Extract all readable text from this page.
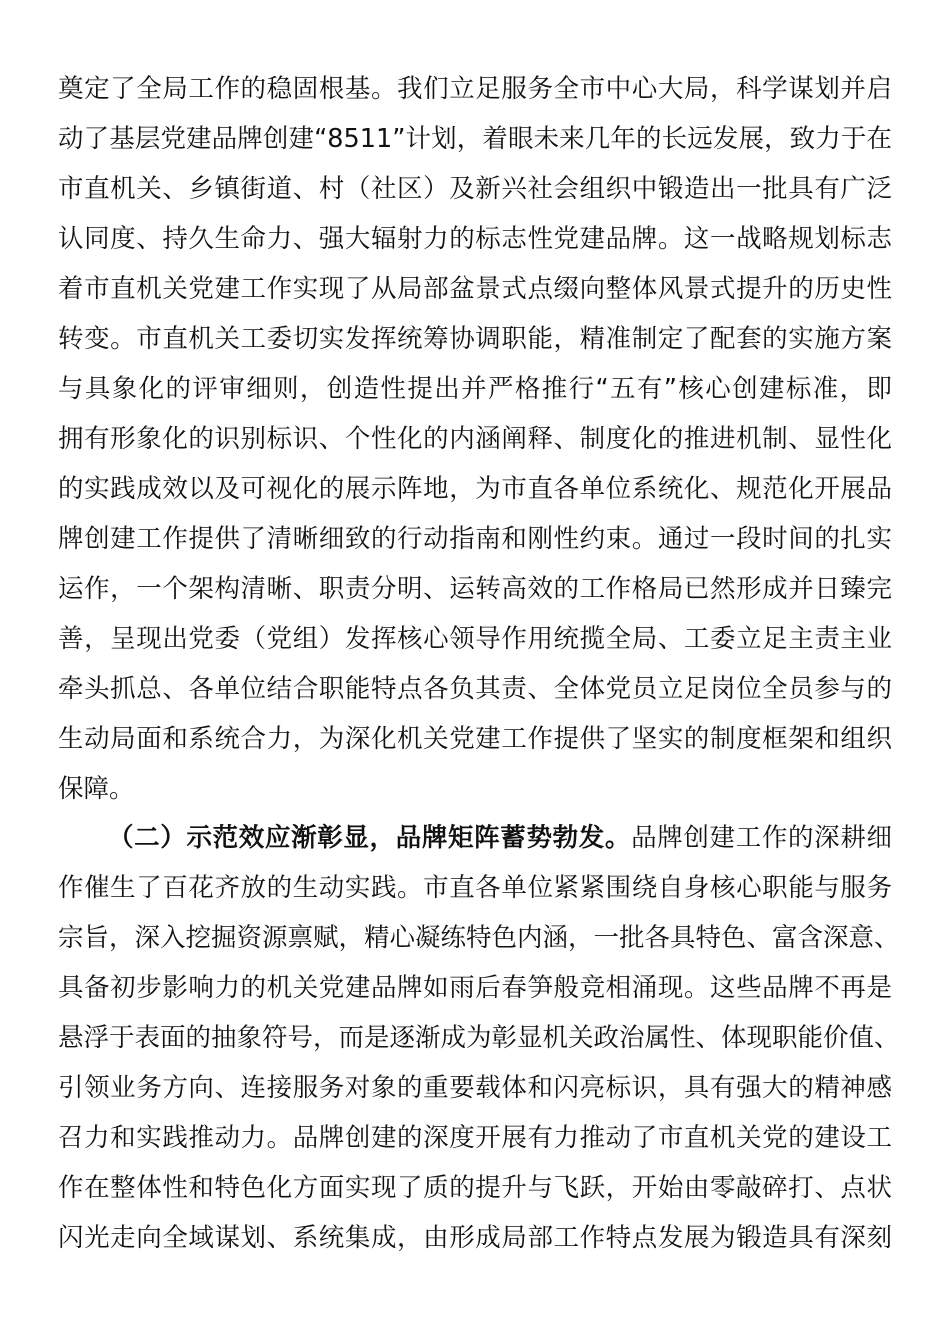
奠定了全局工作的稳固根基。我们立足服务全市中心大局，科学谋划并启
动了基层党建品牌创建“8511”计划，着眼未来几年的长远发展，致力于在
市直机关、乡镇街道、村（社区）及新兴社会组织中锻造出一批具有广泛
认同度、持久生命力、强大辐射力的标志性党建品牌。这一战略规划标志
着市直机关党建工作实现了从局部盆景式点缀向整体风景式提升的历史性
转变。市直机关工委切实发挥统筹协调职能，精准制定了配套的实施方案
与具象化的评审细则，创造性提出并严格推行“五有”核心创建标准，即
拥有形象化的识别标识、个性化的内涵阐释、制度化的推进机制、显性化
的实践成效以及可视化的展示阵地，为市直各单位系统化、规范化开展品
牌创建工作提供了清晰细致的行动指南和刚性约束。通过一段时间的扎实
运作，一个架构清晰、职责分明、运转高效的工作格局已然形成并日臻完
善，呈现出党委（党组）发挥核心领导作用统揽全局、工委立足主责主业
牵头抓总、各单位结合职能特点各负其责、全体党员立足岗位全员参与的
生动局面和系统合力，为深化机关党建工作提供了坚实的制度框架和组织
保障。
（二）示范效应渐彰显，品牌矩阵蓄势勃发。品牌创建工作的深耕细
作催生了百花齐放的生动实践。市直各单位紧紧围绕自身核心职能与服务
宗旨，深入挖掘资源禀赋，精心凝练特色内涵，一批各具特色、富含深意、
具备初步影响力的机关党建品牌如雨后春笋般竞相涌现。这些品牌不再是
悬浮于表面的抽象符号，而是逐渐成为彰显机关政治属性、体现职能价值、
引领业务方向、连接服务对象的重要载体和闪亮标识，具有强大的精神感
召力和实践推动力。品牌创建的深度开展有力推动了市直机关党的建设工
作在整体性和特色化方面实现了质的提升与飞跃，开始由零敲碎打、点状
闪光走向全域谋划、系统集成，由形成局部工作特点发展为锻造具有深刻
